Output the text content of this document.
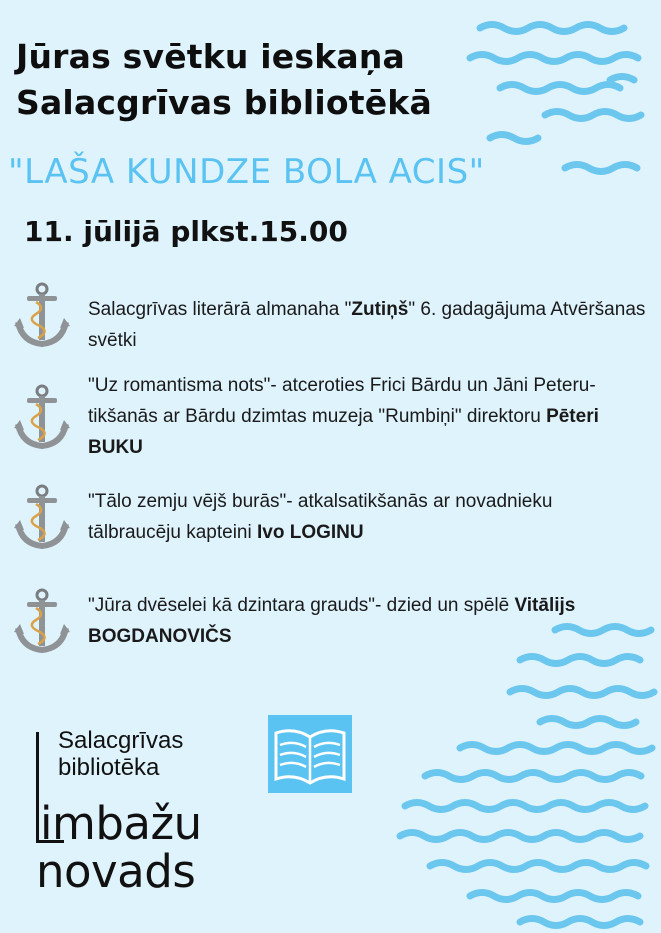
Jūras svētku ieskaņa
Salacgrīvas bibliotēkā
"LAŠA KUNDZE BOLA ACIS"
11. jūlijā plkst.15.00
Salacgrīvas literārā almanaha "Zutiņš" 6. gadagājuma Atvēršanas svētki
"Uz romantisma nots"- atceroties Frici Bārdu un Jāni Peteru- tikšanās ar Bārdu dzimtas muzeja "Rumbiņi" direktoru Pēteri BUKU
"Tālo zemju vējš burās"- atkalsatikšanās ar novadnieku tālbraucēju kapteini Ivo LOGINU
"Jūra dvēselei kā dzintara grauds"- dzied un spēlē Vitālijs BOGDANOVIČS
Salacgrīvas
bibliotēka
imbažu
novads
